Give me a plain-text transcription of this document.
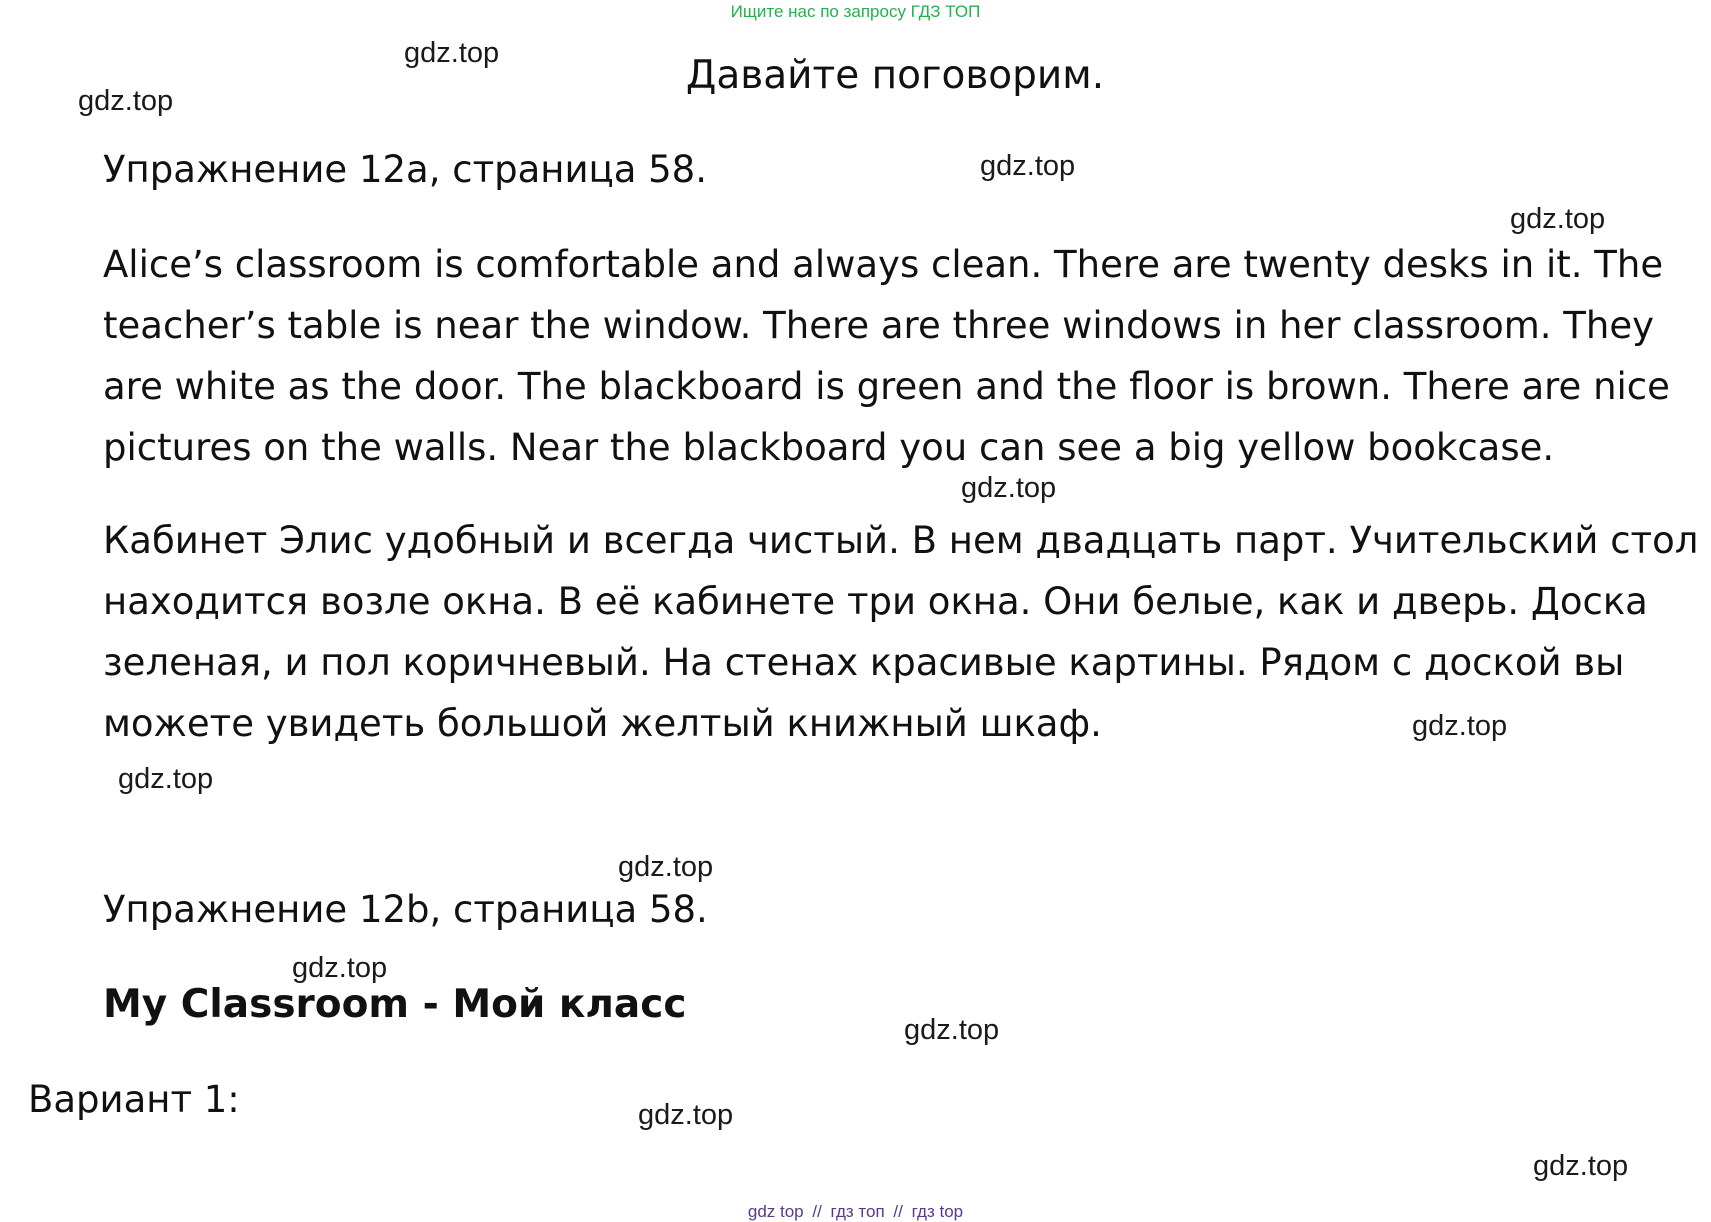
Ищите нас по запросу ГДЗ ТОП
Давайте поговорим.
Упражнение 12a, страница 58.

Alice’s classroom is comfortable and always clean. There are twenty desks in it. The teacher’s table is near the window. There are three windows in her classroom. They are white as the door. The blackboard is green and the floor is brown. There are nice pictures on the walls. Near the blackboard you can see a big yellow bookcase.

Кабинет Элис удобный и всегда чистый. В нем двадцать парт. Учительский стол находится возле окна. В её кабинете три окна. Они белые, как и дверь. Доска зеленая, и пол коричневый. На стенах красивые картины. Рядом с доской вы можете увидеть большой желтый книжный шкаф.

Упражнение 12b, страница 58.
My Classroom - Мой класс
Вариант 1:
gdz.top
gdz.top
gdz.top
gdz.top
gdz.top
gdz.top
gdz.top
gdz.top
gdz.top
gdz.top
gdz.top
gdz.top
gdz top // гдз топ // гдз top
